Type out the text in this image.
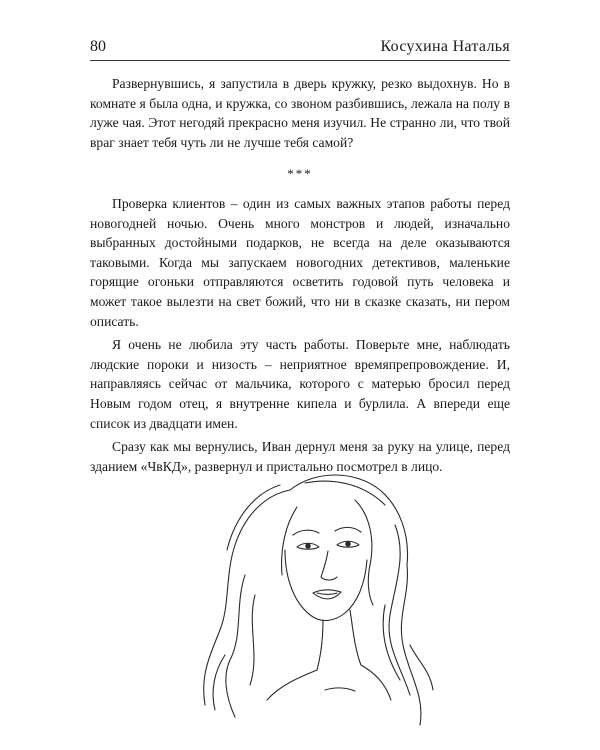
80	Косухина Наталья

Развернувшись, я запустила в дверь кружку, резко выдохнув. Но в комнате я была одна, и кружка, со звоном разбившись, лежала на полу в луже чая. Этот негодяй прекрасно меня изучил. Не странно ли, что твой враг знает тебя чуть ли не лучше тебя самой?

***

Проверка клиентов – один из самых важных этапов работы перед новогодней ночью. Очень много монстров и людей, изначально выбранных достойными подарков, не всегда на деле оказываются таковыми. Когда мы запускаем новогодних детективов, маленькие горящие огоньки отправляются осветить годовой путь человека и может такое вылезти на свет божий, что ни в сказке сказать, ни пером описать.

Я очень не любила эту часть работы. Поверьте мне, наблюдать людские пороки и низость – неприятное времяпрепровождение. И, направляясь сейчас от мальчика, которого с матерью бросил перед Новым годом отец, я внутренне кипела и бурлила. А впереди еще список из двадцати имен.

Сразу как мы вернулись, Иван дернул меня за руку на улице, перед зданием «ЧвКД», развернул и пристально посмотрел в лицо.
